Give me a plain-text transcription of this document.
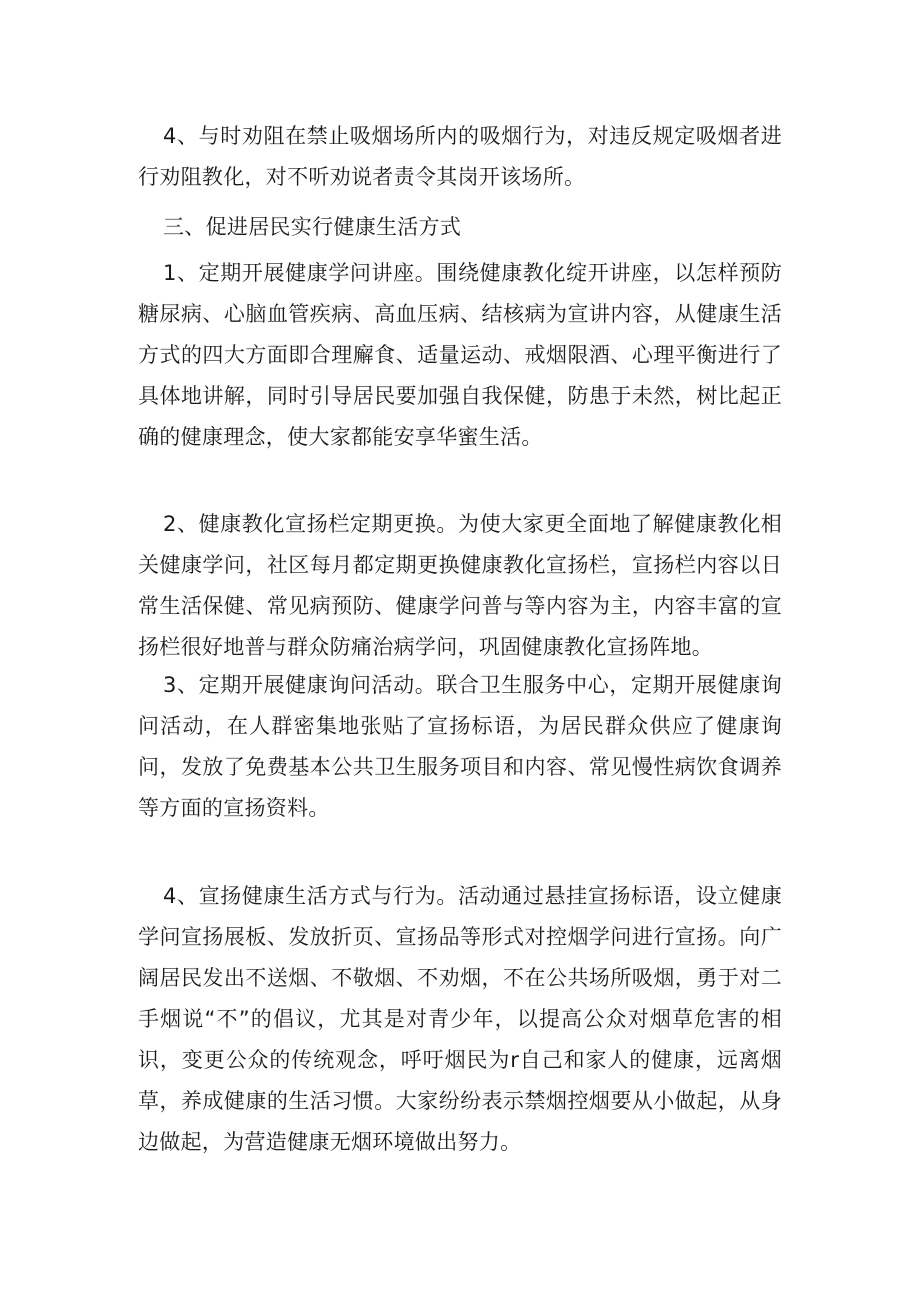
4、与时劝阻在禁止吸烟场所内的吸烟行为，对违反规定吸烟者进行劝阻教化，对不听劝说者责令其岗开该场所。

三、促进居民实行健康生活方式

1、定期开展健康学问讲座。围绕健康教化绽开讲座，以怎样预防糖尿病、心脑血管疾病、高血压病、结核病为宣讲内容，从健康生活方式的四大方面即合理廨食、适量运动、戒烟限酒、心理平衡进行了具体地讲解，同时引导居民要加强自我保健，防患于未然，树比起正确的健康理念，使大家都能安享华蜜生活。

2、健康教化宣扬栏定期更换。为使大家更全面地了解健康教化相关健康学问，社区每月都定期更换健康教化宣扬栏，宣扬栏内容以日常生活保健、常见病预防、健康学问普与等内容为主，内容丰富的宣扬栏很好地普与群众防痛治病学问，巩固健康教化宣扬阵地。

3、定期开展健康询问活动。联合卫生服务中心，定期开展健康询问活动，在人群密集地张贴了宣扬标语，为居民群众供应了健康询问，发放了免费基本公共卫生服务项目和内容、常见慢性病饮食调养等方面的宣扬资料。

4、宣扬健康生活方式与行为。活动通过悬挂宣扬标语，设立健康学问宣扬展板、发放折页、宣扬品等形式对控烟学问进行宣扬。向广阔居民发出不送烟、不敬烟、不劝烟，不在公共场所吸烟，勇于对二手烟说“不”的倡议，尤其是对青少年，以提高公众对烟草危害的相识，变更公众的传统观念，呼吁烟民为r自己和家人的健康，远离烟草，养成健康的生活习惯。大家纷纷表示禁烟控烟要从小做起，从身边做起，为营造健康无烟环境做出努力。
